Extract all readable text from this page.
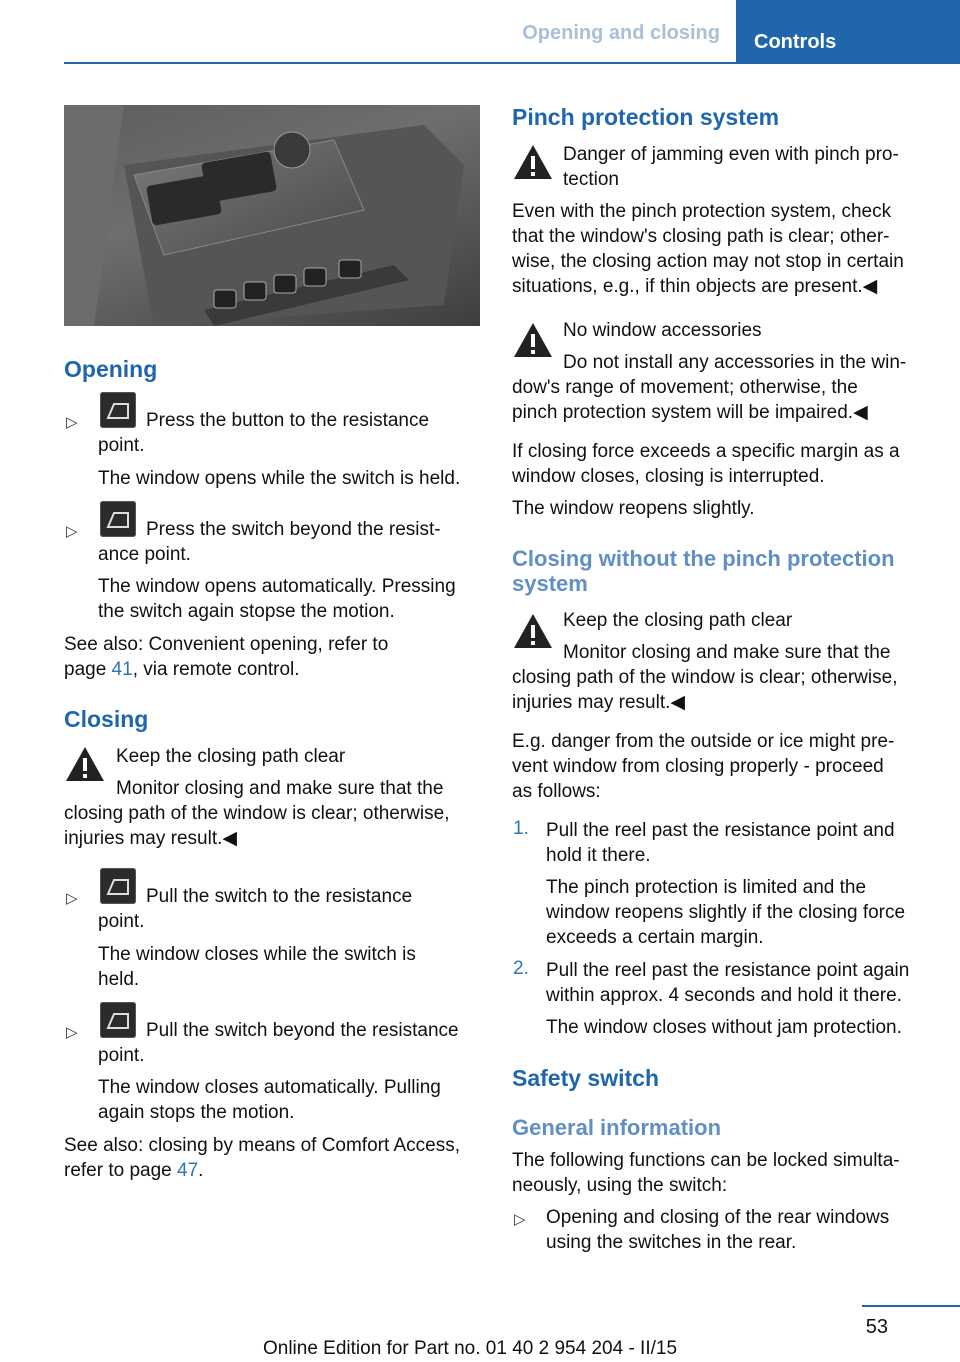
Opening and closing	Controls
Opening
▷	Press the button to the resistance
point.
The window opens while the switch is held.
▷	Press the switch beyond the resist‐
ance point.
The window opens automatically. Pressing
the switch again stopse the motion.
See also: Convenient opening, refer to
page 41, via remote control.
Closing
Keep the closing path clear
Monitor closing and make sure that the
closing path of the window is clear; otherwise,
injuries may result.◀
▷	Pull the switch to the resistance
point.
The window closes while the switch is
held.
▷	Pull the switch beyond the resistance
point.
The window closes automatically. Pulling
again stops the motion.
See also: closing by means of Comfort Access,
refer to page 47.
Pinch protection system
Danger of jamming even with pinch pro‐
tection
Even with the pinch protection system, check
that the window's closing path is clear; other‐
wise, the closing action may not stop in certain
situations, e.g., if thin objects are present.◀
No window accessories
Do not install any accessories in the win‐
dow's range of movement; otherwise, the
pinch protection system will be impaired.◀
If closing force exceeds a specific margin as a
window closes, closing is interrupted.
The window reopens slightly.
Closing without the pinch protection
system
Keep the closing path clear
Monitor closing and make sure that the
closing path of the window is clear; otherwise,
injuries may result.◀
E.g. danger from the outside or ice might pre‐
vent window from closing properly - proceed
as follows:
1. Pull the reel past the resistance point and
hold it there.
The pinch protection is limited and the
window reopens slightly if the closing force
exceeds a certain margin.
2. Pull the reel past the resistance point again
within approx. 4 seconds and hold it there.
The window closes without jam protection.
Safety switch
General information
The following functions can be locked simulta‐
neously, using the switch:
▷ Opening and closing of the rear windows
using the switches in the rear.
53
Online Edition for Part no. 01 40 2 954 204 - II/15
